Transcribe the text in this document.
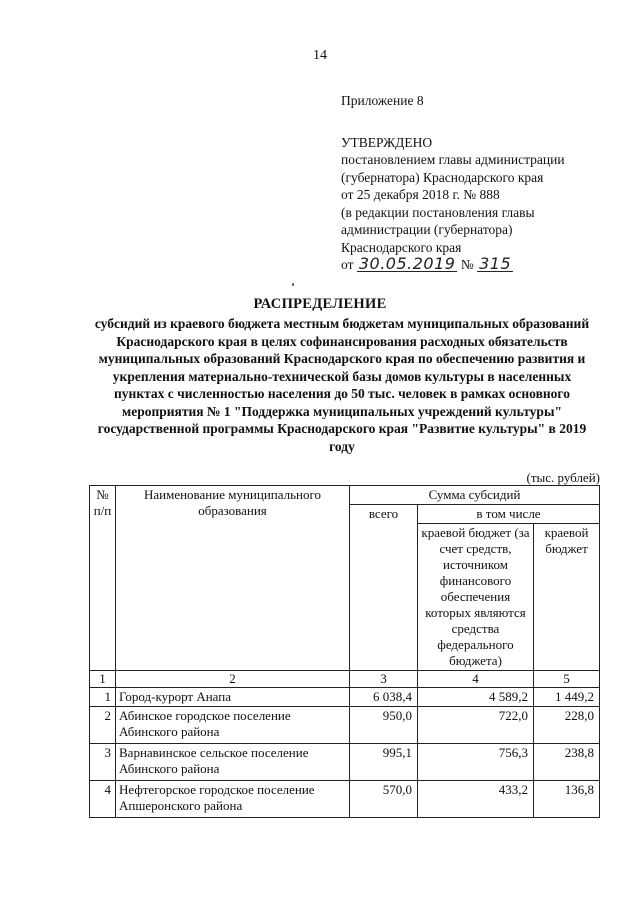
14
Приложение 8
УТВЕРЖДЕНО
постановлением главы администрации
(губернатора) Краснодарского края
от 25 декабря 2018 г. № 888
(в редакции постановления главы
администрации (губернатора)
Краснодарского края
от 30.05.2019 № 315
РАСПРЕДЕЛЕНИЕ
субсидий из краевого бюджета местным бюджетам муниципальных образований Краснодарского края в целях софинансирования расходных обязательств муниципальных образований Краснодарского края по обеспечению развития и укрепления материально-технической базы домов культуры в населенных пунктах с численностью населения до 50 тыс. человек в рамках основного мероприятия № 1 "Поддержка муниципальных учреждений культуры" государственной программы Краснодарского края "Развитие культуры" в 2019 году
(тыс. рублей)
№ п/п	Наименование муниципального образования	Сумма субсидий		
		всего	в том числе	
			краевой бюджет (за счет средств, источником финансового обеспечения которых являются средства федерального бюджета)	краевой бюджет
1	2	3	4	5
1	Город-курорт Анапа	6 038,4	4 589,2	1 449,2
2	Абинское городское поселение Абинского района	950,0	722,0	228,0
3	Варнавинское сельское поселение Абинского района	995,1	756,3	238,8
4	Нефтегорское городское поселение Апшеронского района	570,0	433,2	136,8
